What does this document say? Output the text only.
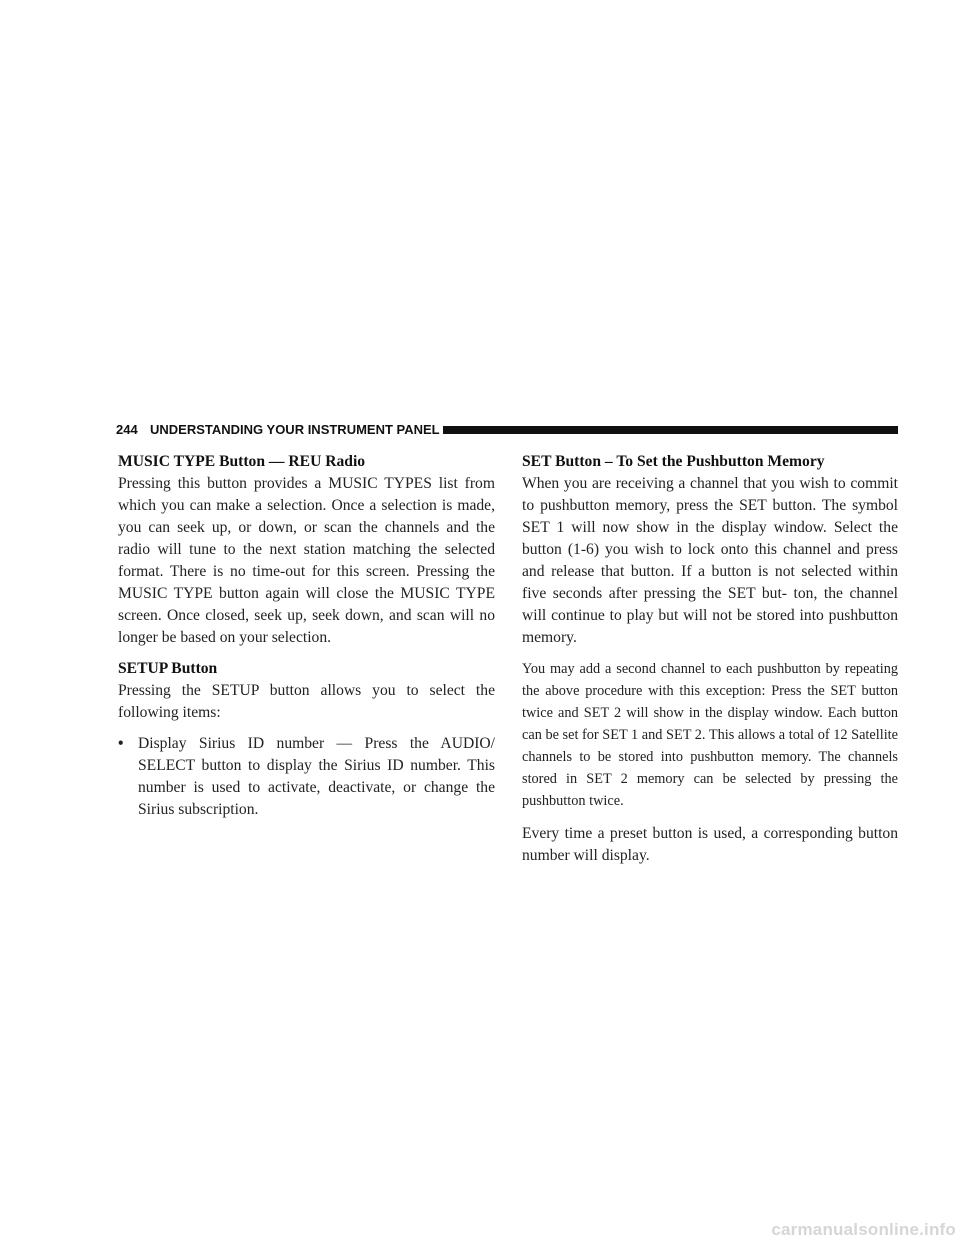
244 UNDERSTANDING YOUR INSTRUMENT PANEL
MUSIC TYPE Button — REU Radio

Pressing this button provides a MUSIC TYPES list from which you can make a selection. Once a selection is made, you can seek up, or down, or scan the channels and the radio will tune to the next station matching the selected format. There is no time-out for this screen. Pressing the MUSIC TYPE button again will close the MUSIC TYPE screen. Once closed, seek up, seek down, and scan will no longer be based on your selection.

SETUP Button

Pressing the SETUP button allows you to select the following items:

• Display Sirius ID number — Press the AUDIO/ SELECT button to display the Sirius ID number. This number is used to activate, deactivate, or change the Sirius subscription.
SET Button – To Set the Pushbutton Memory

When you are receiving a channel that you wish to commit to pushbutton memory, press the SET button. The symbol SET 1 will now show in the display window. Select the button (1-6) you wish to lock onto this channel and press and release that button. If a button is not selected within five seconds after pressing the SET but- ton, the channel will continue to play but will not be stored into pushbutton memory.

You may add a second channel to each pushbutton by repeating the above procedure with this exception: Press the SET button twice and SET 2 will show in the display window. Each button can be set for SET 1 and SET 2. This allows a total of 12 Satellite channels to be stored into pushbutton memory. The channels stored in SET 2 memory can be selected by pressing the pushbutton twice.

Every time a preset button is used, a corresponding button number will display.

carmanualsonline.info
